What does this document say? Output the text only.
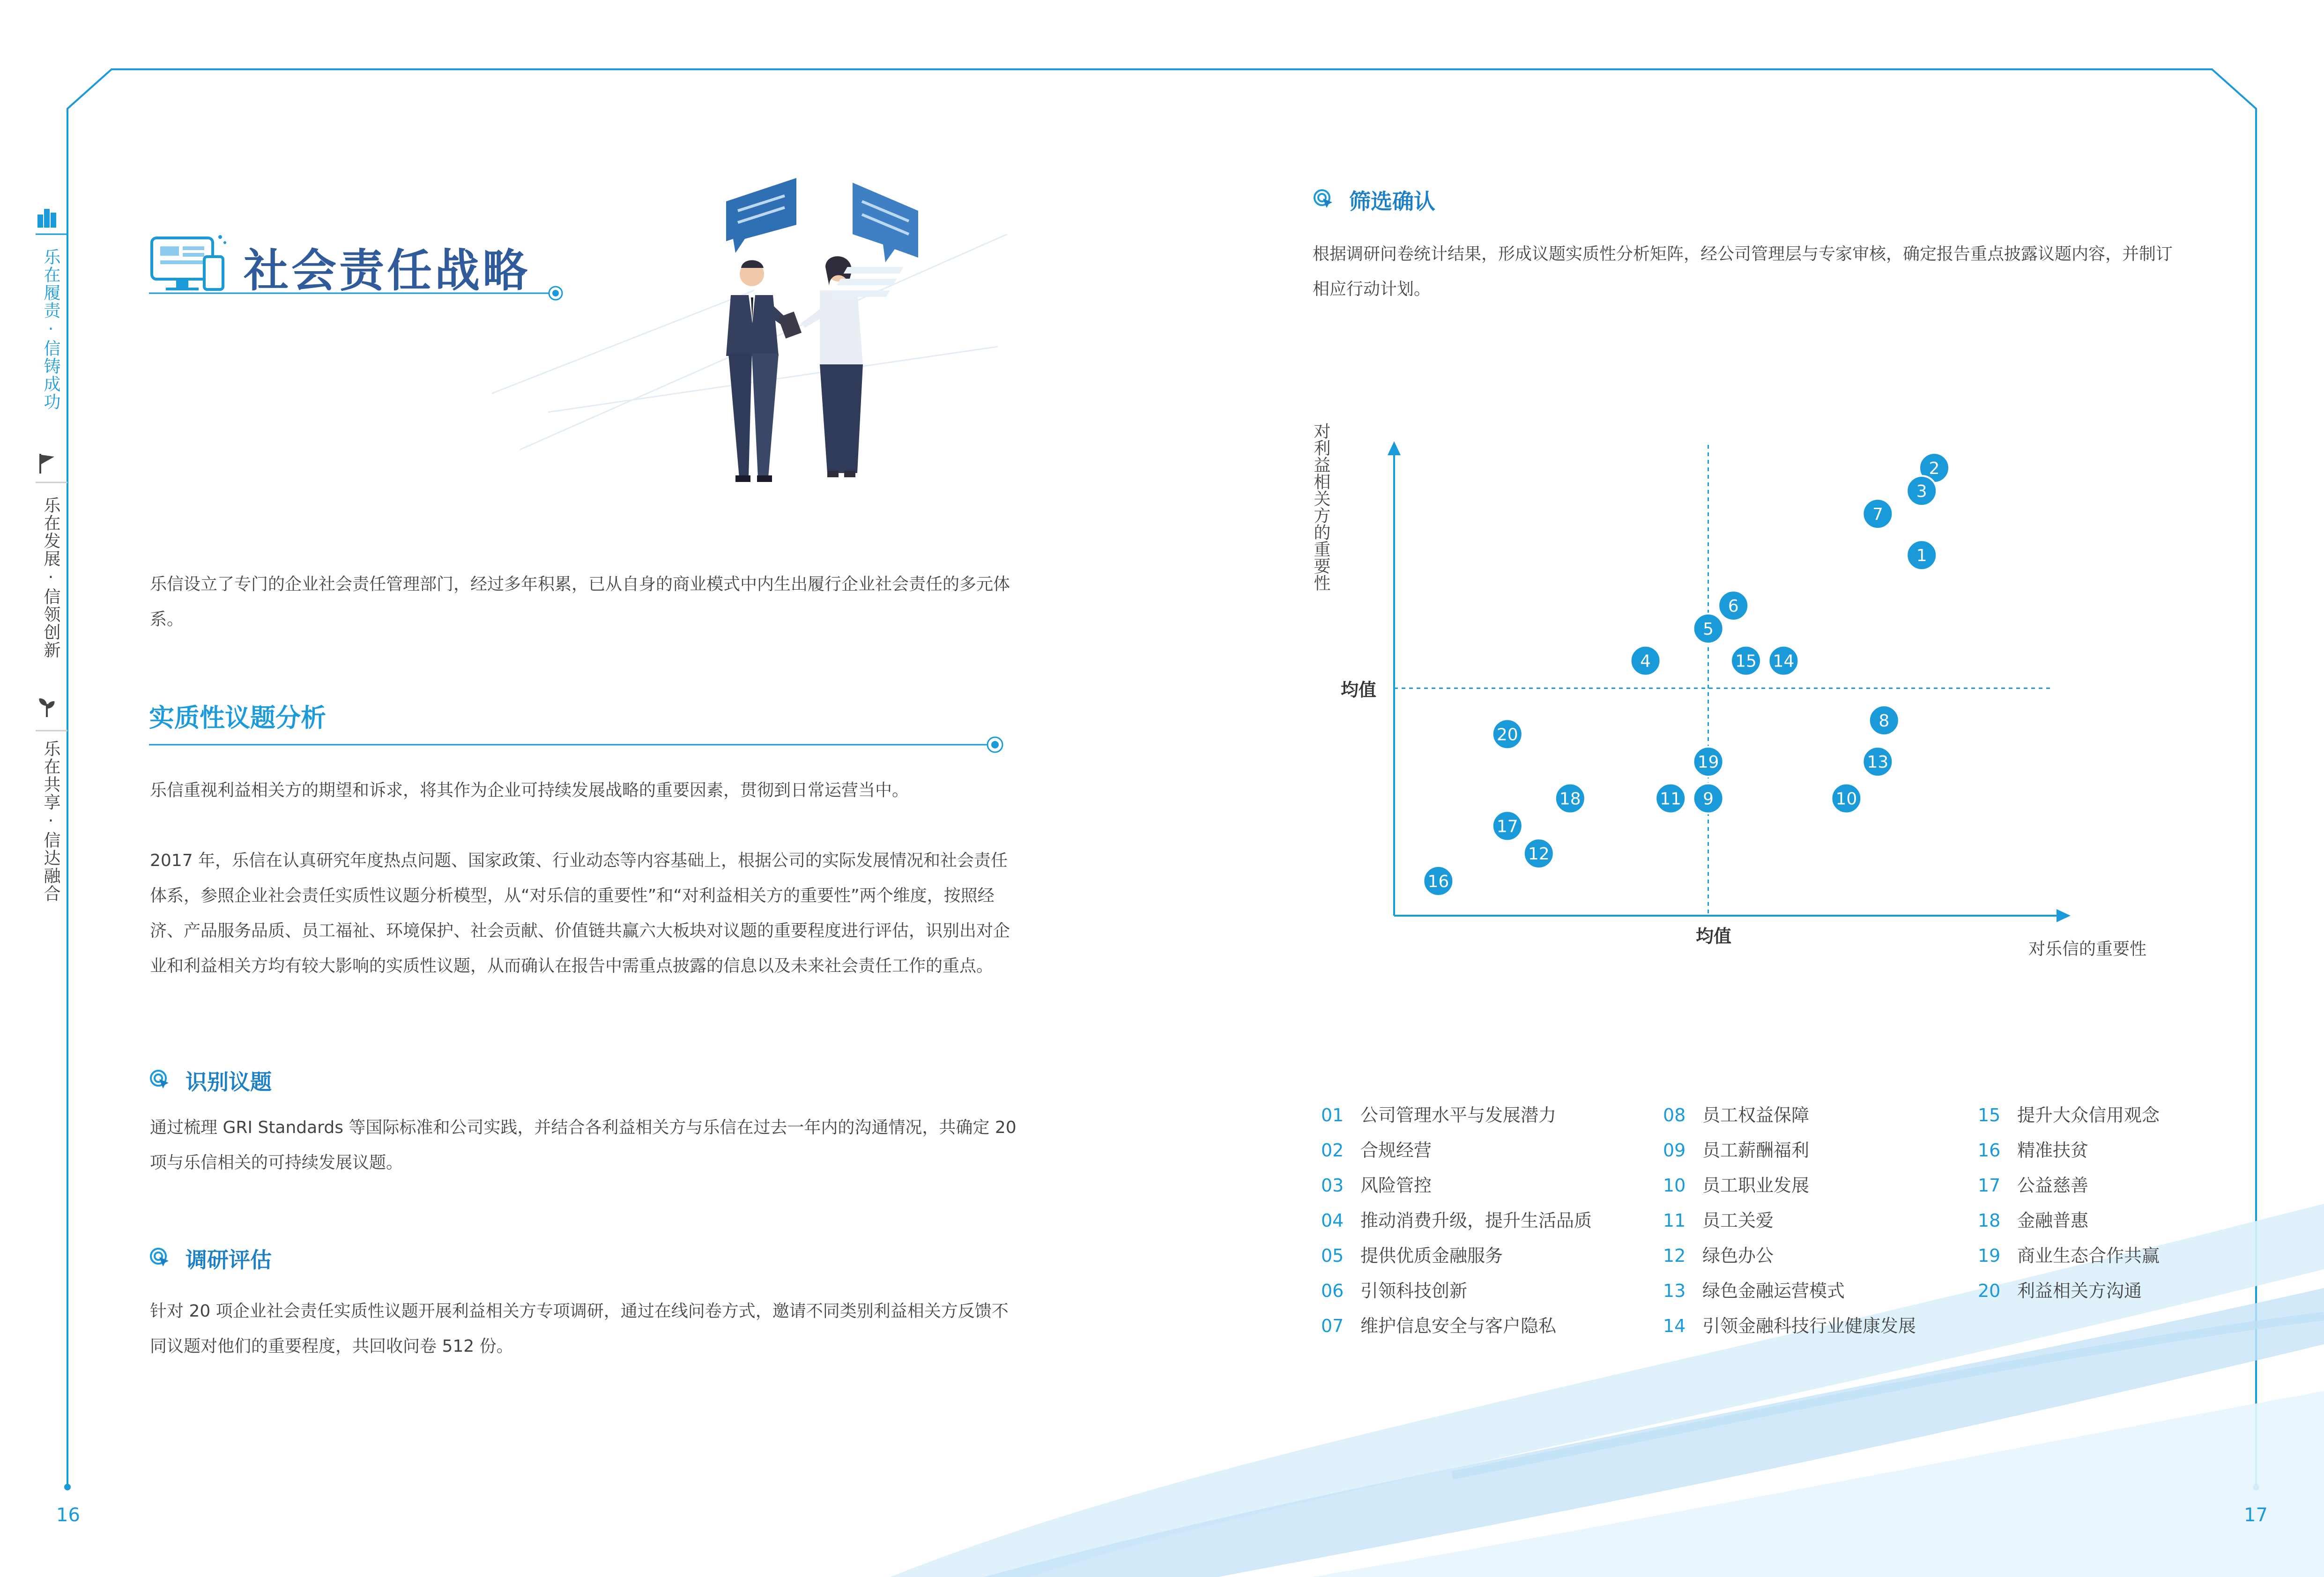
乐在履责·信铸成功
乐在发展·信领创新
乐在共享·信达融合
社会责任战略
乐信设立了专门的企业社会责任管理部门，经过多年积累，已从自身的商业模式中内生出履行企业社会责任的多元体系。
实质性议题分析
乐信重视利益相关方的期望和诉求，将其作为企业可持续发展战略的重要因素，贯彻到日常运营当中。
2017 年，乐信在认真研究年度热点问题、国家政策、行业动态等内容基础上，根据公司的实际发展情况和社会责任体系，参照企业社会责任实质性议题分析模型，从“对乐信的重要性”和“对利益相关方的重要性”两个维度，按照经济、产品服务品质、员工福祉、环境保护、社会贡献、价值链共赢六大板块对议题的重要程度进行评估，识别出对企业和利益相关方均有较大影响的实质性议题，从而确认在报告中需重点披露的信息以及未来社会责任工作的重点。
识别议题
通过梳理 GRI Standards 等国际标准和公司实践，并结合各利益相关方与乐信在过去一年内的沟通情况，共确定 20 项与乐信相关的可持续发展议题。
调研评估
针对 20 项企业社会责任实质性议题开展利益相关方专项调研，通过在线问卷方式，邀请不同类别利益相关方反馈不同议题对他们的重要程度，共回收问卷 512 份。
16
筛选确认
根据调研问卷统计结果，形成议题实质性分析矩阵，经公司管理层与专家审核，确定报告重点披露议题内容，并制订相应行动计划。
对利益相关方的重要性
均值
均值
对乐信的重要性
1
2
3
4
5
6
7
8
9	10
11
12
13
14
15
16
17
18
19
20
01 公司管理水平与发展潜力
02 合规经营
03 风险管控
04 推动消费升级，提升生活品质
05 提供优质金融服务
06 引领科技创新
07 维护信息安全与客户隐私
08 员工权益保障
09 员工薪酬福利
10 员工职业发展
11 员工关爱
12 绿色办公
13 绿色金融运营模式
14 引领金融科技行业健康发展
15 提升大众信用观念
16 精准扶贫
17 公益慈善
18 金融普惠
19 商业生态合作共赢
20 利益相关方沟通
17
